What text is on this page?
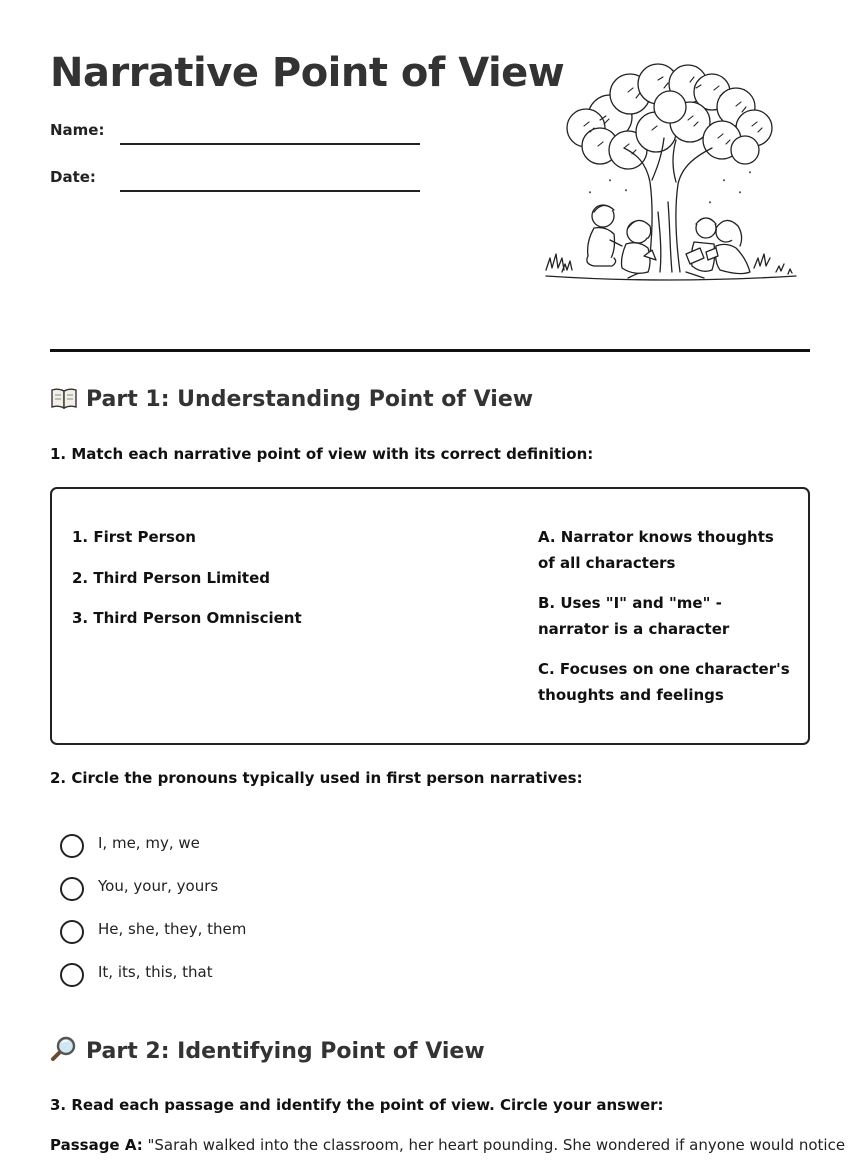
Narrative Point of View
Name:
Date:
Part 1: Understanding Point of View
1. Match each narrative point of view with its correct definition:
1. First Person
2. Third Person Limited
3. Third Person Omniscient
A. Narrator knows thoughts of all characters
B. Uses "I" and "me" - narrator is a character
C. Focuses on one character's thoughts and feelings
2. Circle the pronouns typically used in first person narratives:
I, me, my, we
You, your, yours
He, she, they, them
It, its, this, that
Part 2: Identifying Point of View
3. Read each passage and identify the point of view. Circle your answer:
Passage A: "Sarah walked into the classroom, her heart pounding. She wondered if anyone would notice
